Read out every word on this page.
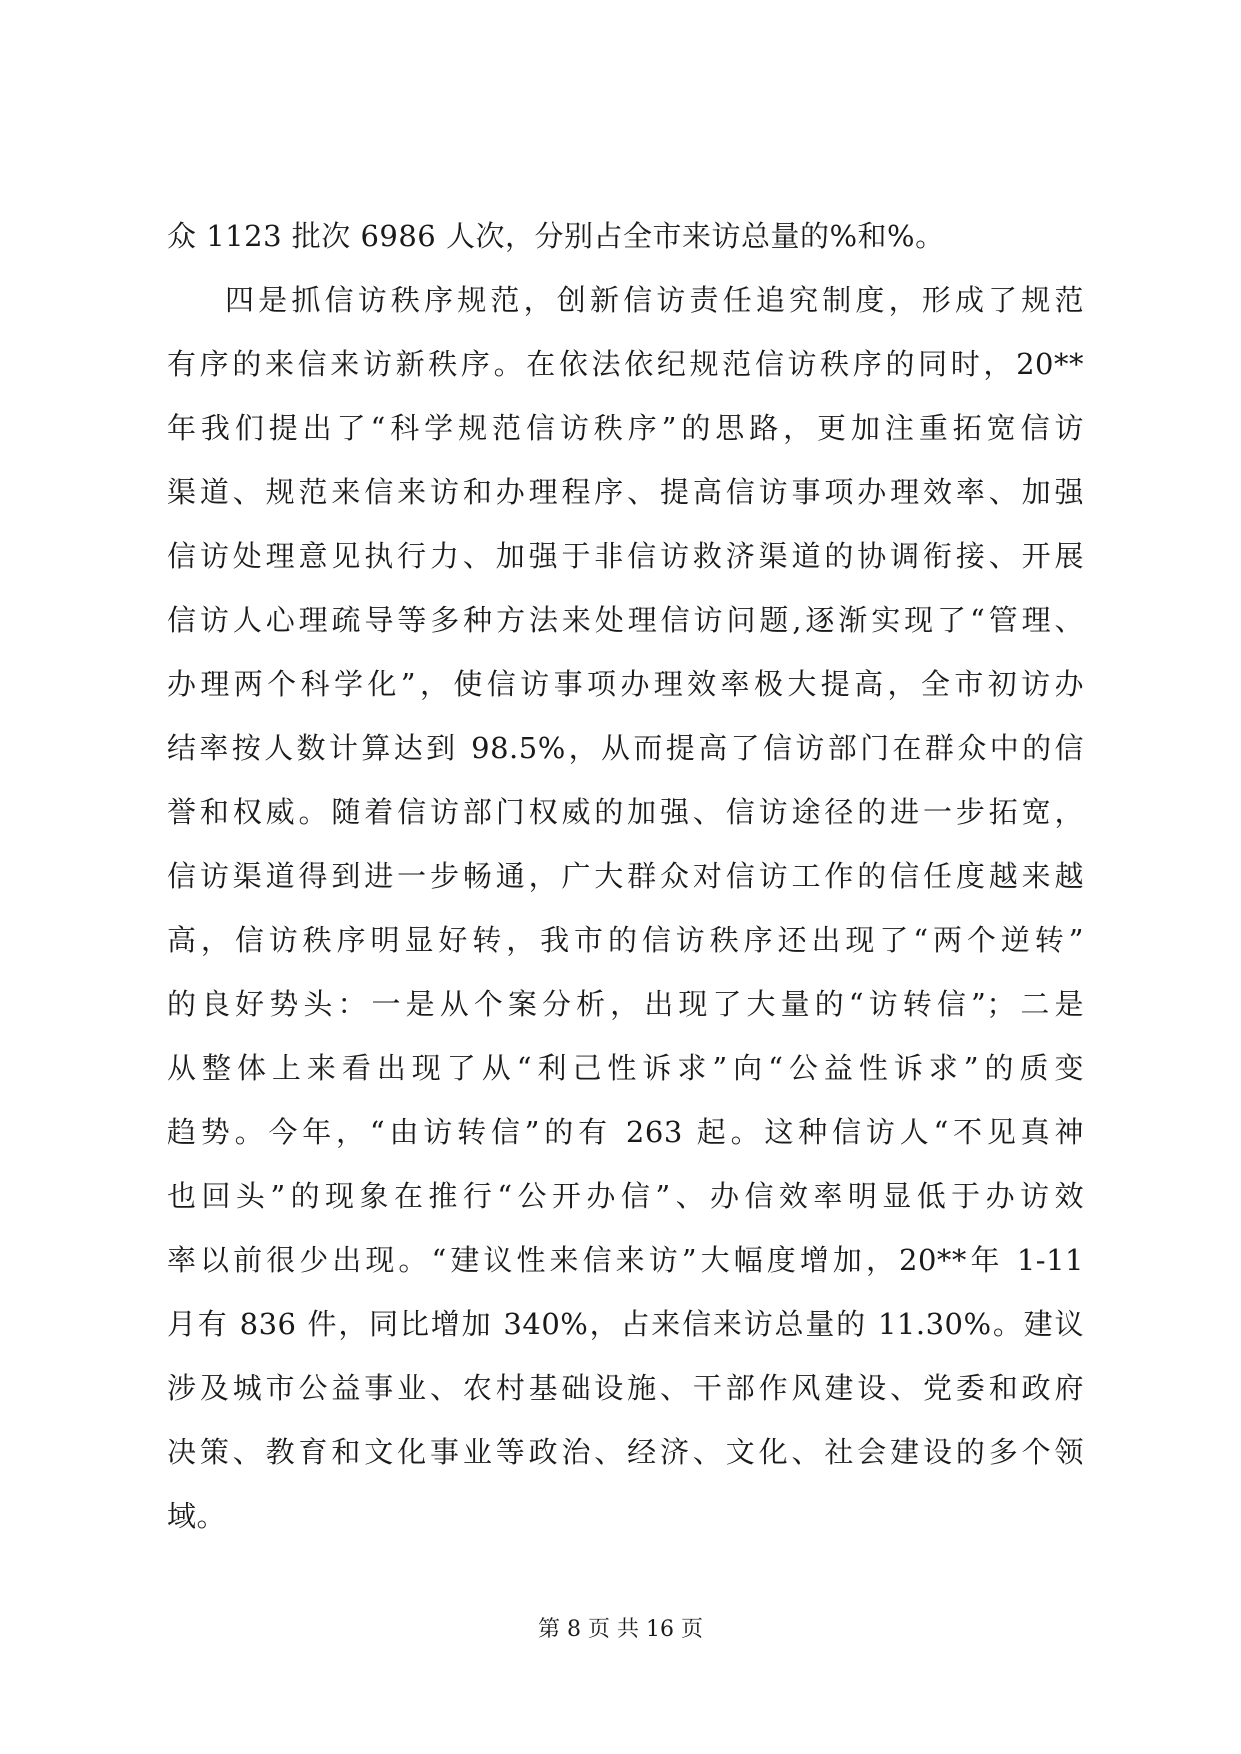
众 1123 批次 6986 人次，分别占全市来访总量的%和%。
四是抓信访秩序规范，创新信访责任追究制度，形成了规范
有序的来信来访新秩序。在依法依纪规范信访秩序的同时，20**
年我们提出了“科学规范信访秩序”的思路，更加注重拓宽信访
渠道、规范来信来访和办理程序、提高信访事项办理效率、加强
信访处理意见执行力、加强于非信访救济渠道的协调衔接、开展
信访人心理疏导等多种方法来处理信访问题,逐渐实现了“管理、
办理两个科学化”，使信访事项办理效率极大提高，全市初访办
结率按人数计算达到 98.5%，从而提高了信访部门在群众中的信
誉和权威。随着信访部门权威的加强、信访途径的进一步拓宽，
信访渠道得到进一步畅通，广大群众对信访工作的信任度越来越
高，信访秩序明显好转，我市的信访秩序还出现了“两个逆转”
的良好势头：一是从个案分析，出现了大量的“访转信”；二是
从整体上来看出现了从“利己性诉求”向“公益性诉求”的质变
趋势。今年，“由访转信”的有 263 起。这种信访人“不见真神
也回头”的现象在推行“公开办信”、办信效率明显低于办访效
率以前很少出现。“建议性来信来访”大幅度增加，20**年 1-11
月有 836 件，同比增加 340%，占来信来访总量的 11.30%。建议
涉及城市公益事业、农村基础设施、干部作风建设、党委和政府
决策、教育和文化事业等政治、经济、文化、社会建设的多个领
域。
第 8 页 共 16 页
